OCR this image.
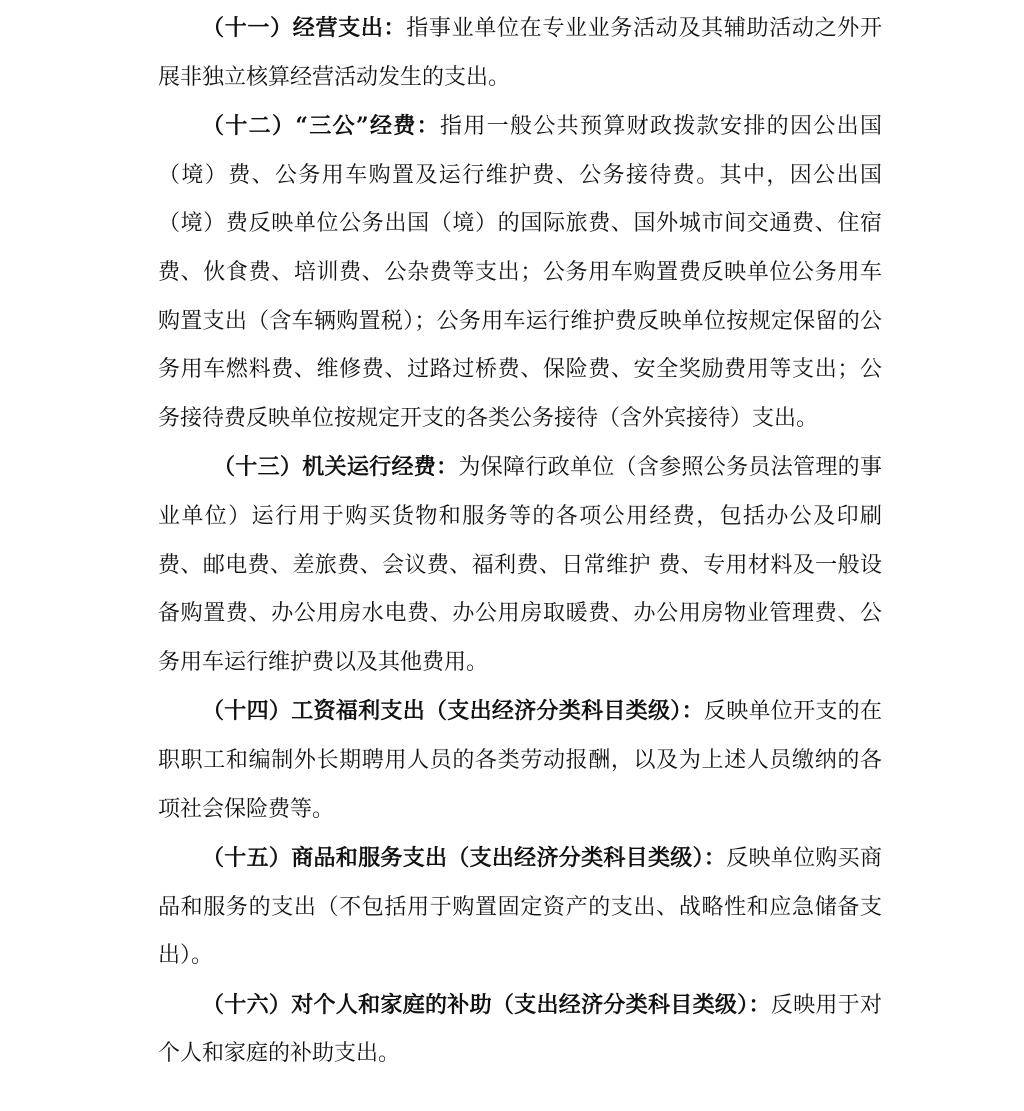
（十一）经营支出：指事业单位在专业业务活动及其辅助活动之外开展非独立核算经营活动发生的支出。

（十二）“三公”经费：指用一般公共预算财政拨款安排的因公出国（境）费、公务用车购置及运行维护费、公务接待费。其中，因公出国（境）费反映单位公务出国（境）的国际旅费、国外城市间交通费、住宿费、伙食费、培训费、公杂费等支出；公务用车购置费反映单位公务用车购置支出（含车辆购置税）；公务用车运行维护费反映单位按规定保留的公务用车燃料费、维修费、过路过桥费、保险费、安全奖励费用等支出；公务接待费反映单位按规定开支的各类公务接待（含外宾接待）支出。

（十三）机关运行经费：为保障行政单位（含参照公务员法管理的事业单位）运行用于购买货物和服务等的各项公用经费，包括办公及印刷费、邮电费、差旅费、会议费、福利费、日常维护 费、专用材料及一般设备购置费、办公用房水电费、办公用房取暖费、办公用房物业管理费、公务用车运行维护费以及其他费用。

（十四）工资福利支出（支出经济分类科目类级）：反映单位开支的在职职工和编制外长期聘用人员的各类劳动报酬，以及为上述人员缴纳的各项社会保险费等。

（十五）商品和服务支出（支出经济分类科目类级）：反映单位购买商品和服务的支出（不包括用于购置固定资产的支出、战略性和应急储备支出）。

（十六）对个人和家庭的补助（支出经济分类科目类级）：反映用于对个人和家庭的补助支出。
